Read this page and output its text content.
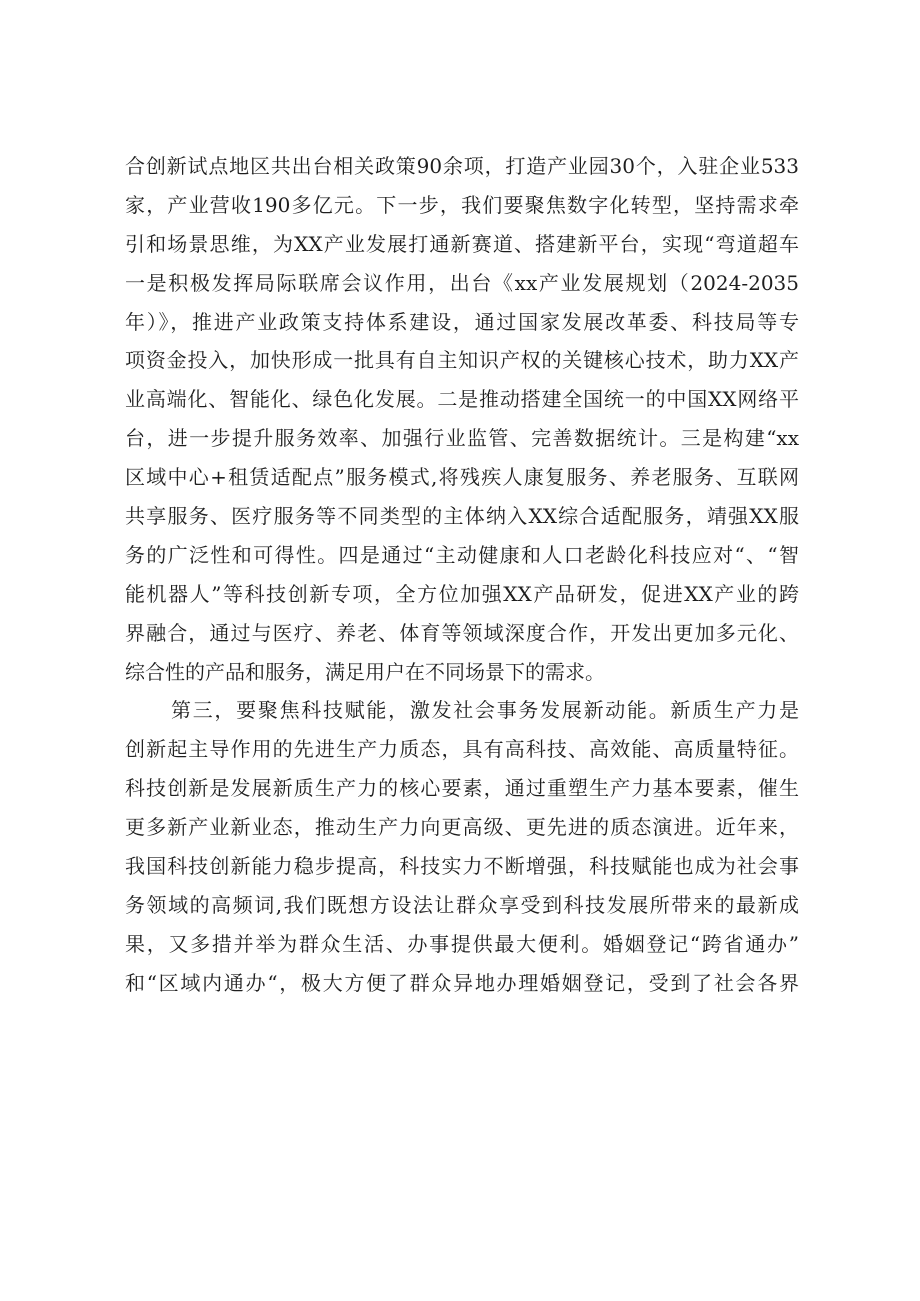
合创新试点地区共出台相关政策90余项，打造产业园30个，入驻企业533
家，产业营收190多亿元。下一步，我们要聚焦数字化转型，坚持需求牵
引和场景思维，为XX产业发展打通新赛道、搭建新平台，实现“弯道超车
一是积极发挥局际联席会议作用，出台《xx产业发展规划（2024-2035
年）》，推进产业政策支持体系建设，通过国家发展改革委、科技局等专
项资金投入，加快形成一批具有自主知识产权的关键核心技术，助力XX产
业高端化、智能化、绿色化发展。二是推动搭建全国统一的中国XX网络平
台，进一步提升服务效率、加强行业监管、完善数据统计。三是构建“xx
区域中心+租赁适配点”服务模式,将残疾人康复服务、养老服务、互联网
共享服务、医疗服务等不同类型的主体纳入XX综合适配服务，靖强XX服
务的广泛性和可得性。四是通过“主动健康和人口老龄化科技应对“、“智
能机器人”等科技创新专项，全方位加强XX产品研发，促进XX产业的跨
界融合，通过与医疗、养老、体育等领域深度合作，开发出更加多元化、
综合性的产品和服务，满足用户在不同场景下的需求。
第三，要聚焦科技赋能，激发社会事务发展新动能。新质生产力是
创新起主导作用的先进生产力质态，具有高科技、高效能、高质量特征。
科技创新是发展新质生产力的核心要素，通过重塑生产力基本要素，催生
更多新产业新业态，推动生产力向更高级、更先进的质态演进。近年来，
我国科技创新能力稳步提高，科技实力不断增强，科技赋能也成为社会事
务领域的高频词,我们既想方设法让群众享受到科技发展所带来的最新成
果，又多措并举为群众生活、办事提供最大便利。婚姻登记“跨省通办”
和“区域内通办“，极大方便了群众异地办理婚姻登记，受到了社会各界
